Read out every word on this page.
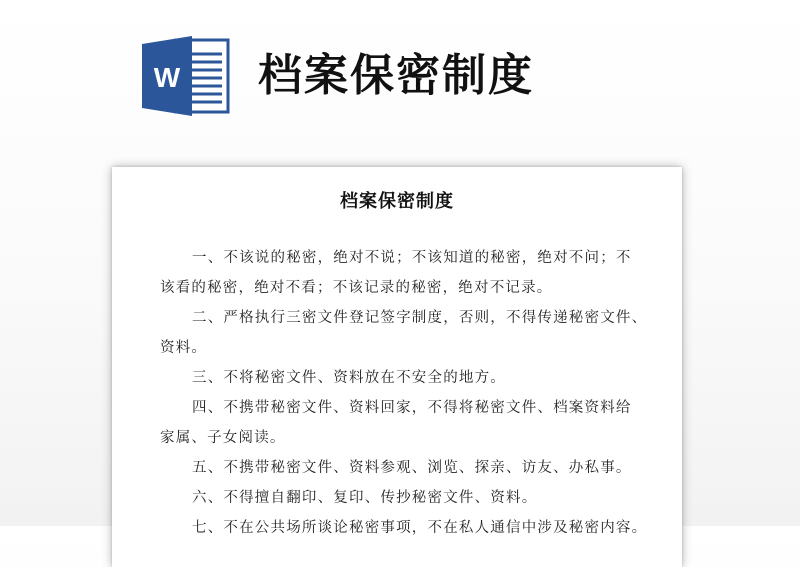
W 档案保密制度
档案保密制度

一、不该说的秘密，绝对不说；不该知道的秘密，绝对不问；不
该看的秘密，绝对不看；不该记录的秘密，绝对不记录。

二、严格执行三密文件登记签字制度，否则，不得传递秘密文件、
资料。

三、不将秘密文件、资料放在不安全的地方。

四、不携带秘密文件、资料回家，不得将秘密文件、档案资料给
家属、子女阅读。

五、不携带秘密文件、资料参观、浏览、探亲、访友、办私事。

六、不得擅自翻印、复印、传抄秘密文件、资料。

七、不在公共场所谈论秘密事项，不在私人通信中涉及秘密内容。
